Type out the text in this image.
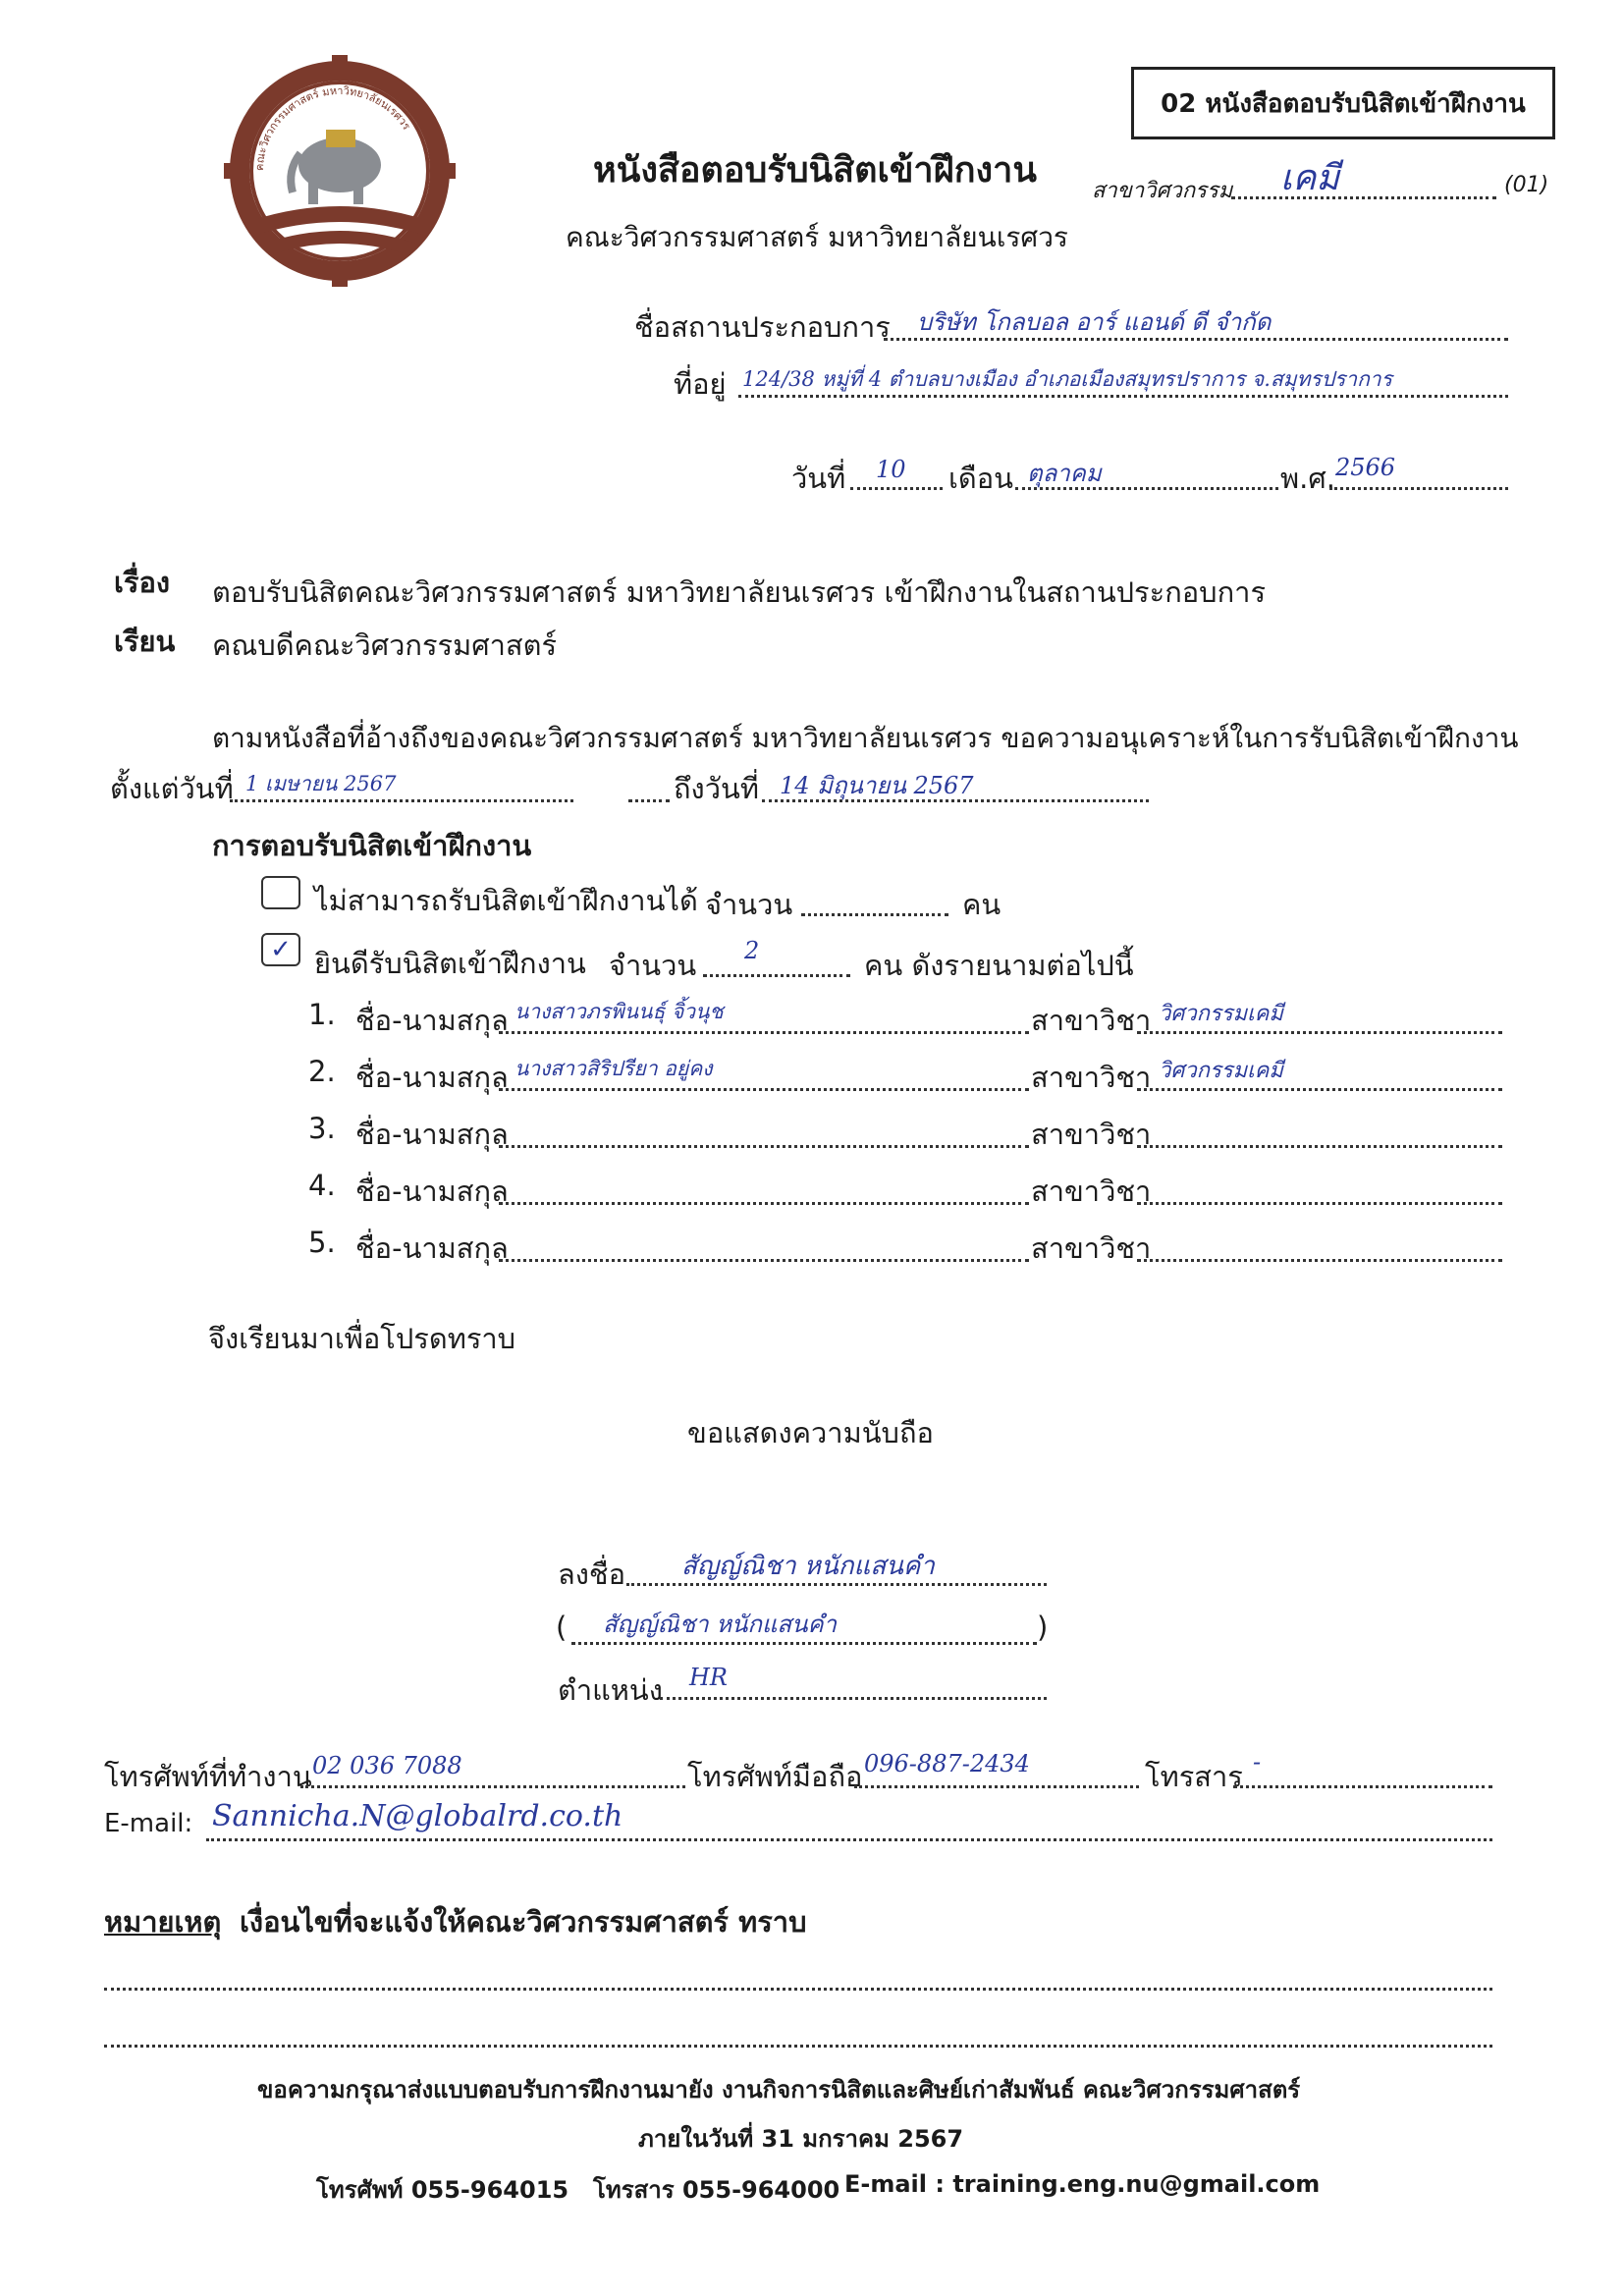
คณะวิศวกรรมศาสตร์ มหาวิทยาลัยนเรศวร
02 หนังสือตอบรับนิสิตเข้าฝึกงาน
หนังสือตอบรับนิสิตเข้าฝึกงาน
คณะวิศวกรรมศาสตร์ มหาวิทยาลัยนเรศวร
สาขาวิศวกรรม เคมี	(01)
ชื่อสถานประกอบการ บริษัท โกลบอล อาร์ แอนด์ ดี จำกัด
ที่อยู่ 124/38 หมู่ที่ 4 ตำบลบางเมือง อำเภอเมืองสมุทรปราการ จ.สมุทรปราการ
วันที่ 10 เดือน ตุลาคม	พ.ศ. 2566
เรื่อง ตอบรับนิสิตคณะวิศวกรรมศาสตร์ มหาวิทยาลัยนเรศวร เข้าฝึกงานในสถานประกอบการ
เรียน คณบดีคณะวิศวกรรมศาสตร์
ตามหนังสือที่อ้างถึงของคณะวิศวกรรมศาสตร์ มหาวิทยาลัยนเรศวร ขอความอนุเคราะห์ในการรับนิสิตเข้าฝึกงาน
ตั้งแต่วันที่ 1 เมษายน 2567	ถึงวันที่ 14 มิถุนายน 2567
การตอบรับนิสิตเข้าฝึกงาน
ไม่สามารถรับนิสิตเข้าฝึกงานได้ จำนวน	คน
✓ ยินดีรับนิสิตเข้าฝึกงาน จำนวน 2	คน ดังรายนามต่อไปนี้
1. ชื่อ-นามสกุล นางสาวภรพินนธุ์ จิ้วนุช	สาขาวิชา วิศวกรรมเคมี
2. ชื่อ-นามสกุล นางสาวสิริปรียา อยู่คง	สาขาวิชา วิศวกรรมเคมี
3. ชื่อ-นามสกุล	สาขาวิชา
4. ชื่อ-นามสกุล	สาขาวิชา
5. ชื่อ-นามสกุล	สาขาวิชา
จึงเรียนมาเพื่อโปรดทราบ
ขอแสดงความนับถือ
ลงชื่อ สัญญ์ณิชา หนักแสนคำ
( สัญญ์ณิชา หนักแสนคำ	)
ตำแหน่ง HR
โทรศัพท์ที่ทำงาน 02 036 7088	โทรศัพท์มือถือ 096-887-2434	โทรสาร -
E-mail: Sannicha.N@globalrd.co.th
หมายเหตุ เงื่อนไขที่จะแจ้งให้คณะวิศวกรรมศาสตร์ ทราบ
ขอความกรุณาส่งแบบตอบรับการฝึกงานมายัง งานกิจการนิสิตและศิษย์เก่าสัมพันธ์ คณะวิศวกรรมศาสตร์
ภายในวันที่ 31 มกราคม 2567
โทรศัพท์ 055-964015 โทรสาร 055-964000 E-mail : training.eng.nu@gmail.com
